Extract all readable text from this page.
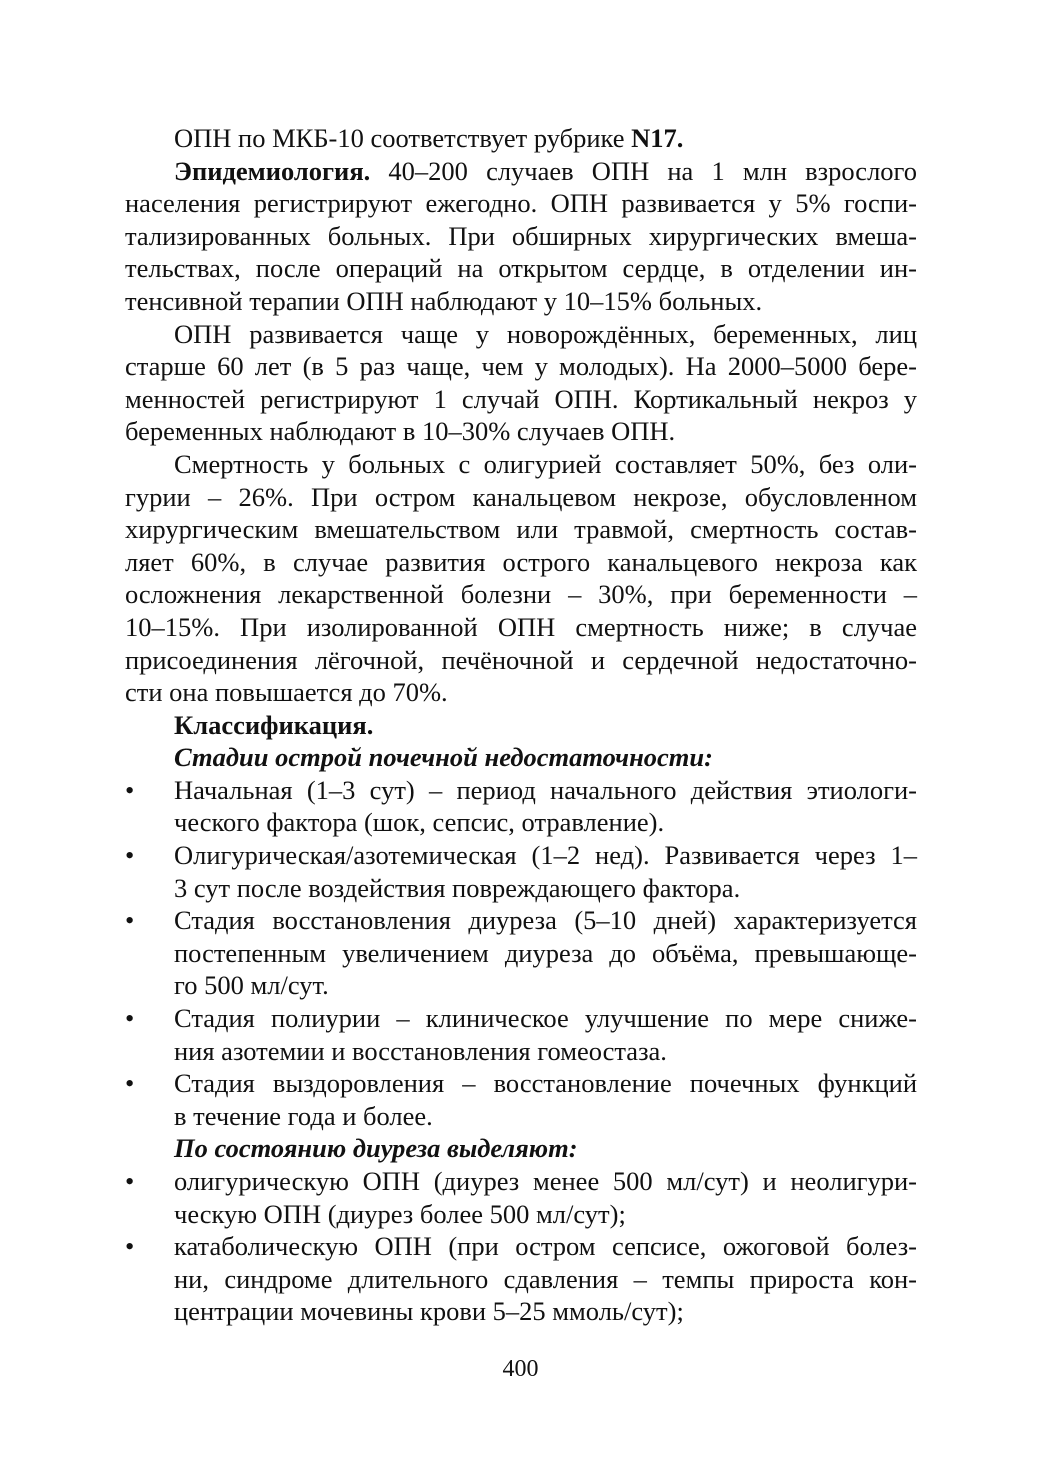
ОПН по МКБ-10 соответствует рубрике N17.
Эпидемиология. 40–200 случаев ОПН на 1 млн взрослого
населения регистрируют ежегодно. ОПН развивается у 5% госпи-
тализированных больных. При обширных хирургических вмеша-
тельствах, после операций на открытом сердце, в отделении ин-
тенсивной терапии ОПН наблюдают у 10–15% больных.
ОПН развивается чаще у новорождённых, беременных, лиц
старше 60 лет (в 5 раз чаще, чем у молодых). На 2000–5000 бере-
менностей регистрируют 1 случай ОПН. Кортикальный некроз у
беременных наблюдают в 10–30% случаев ОПН.
Смертность у больных с олигурией составляет 50%, без оли-
гурии – 26%. При остром канальцевом некрозе, обусловленном
хирургическим вмешательством или травмой, смертность состав-
ляет 60%, в случае развития острого канальцевого некроза как
осложнения лекарственной болезни – 30%, при беременности –
10–15%. При изолированной ОПН смертность ниже; в случае
присоединения лёгочной, печёночной и сердечной недостаточно-
сти она повышается до 70%.
Классификация.
Стадии острой почечной недостаточности:
• Начальная (1–3 сут) – период начального действия этиологи-
ческого фактора (шок, сепсис, отравление).
• Олигурическая/азотемическая (1–2 нед). Развивается через 1–
3 сут после воздействия повреждающего фактора.
• Стадия восстановления диуреза (5–10 дней) характеризуется
постепенным увеличением диуреза до объёма, превышающе-
го 500 мл/сут.
• Стадия полиурии – клиническое улучшение по мере сниже-
ния азотемии и восстановления гомеостаза.
• Стадия выздоровления – восстановление почечных функций
в течение года и более.
По состоянию диуреза выделяют:
• олигурическую ОПН (диурез менее 500 мл/сут) и неолигури-
ческую ОПН (диурез более 500 мл/сут);
• катаболическую ОПН (при остром сепсисе, ожоговой болез-
ни, синдроме длительного сдавления – темпы прироста кон-
центрации мочевины крови 5–25 ммоль/сут);
400
